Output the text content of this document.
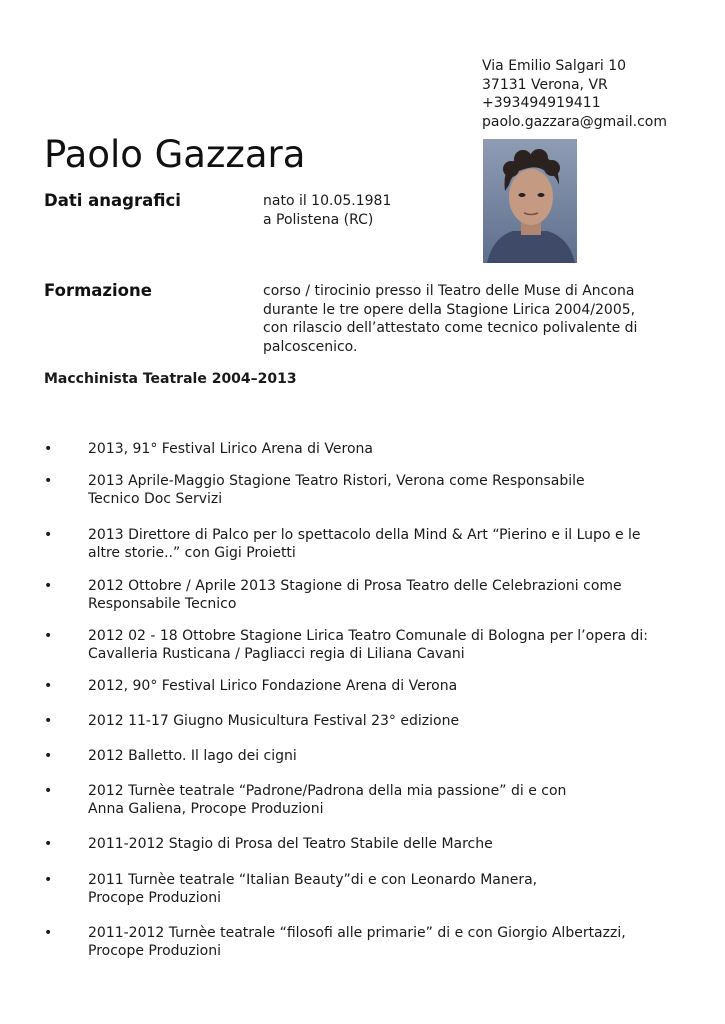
Via Emilio Salgari 10
37131 Verona, VR
+393494919411
paolo.gazzara@gmail.com
Paolo Gazzara
Dati anagrafici	nato il 10.05.1981
a Polistena (RC)
Formazione	corso / tirocinio presso il Teatro delle Muse di Ancona
durante le tre opere della Stagione Lirica 2004/2005,
con rilascio dell’attestato come tecnico polivalente di
palcoscenico.
Macchinista Teatrale 2004–2013
•	2013, 91° Festival Lirico Arena di Verona
•	2013 Aprile-Maggio Stagione Teatro Ristori, Verona come Responsabile
Tecnico Doc Servizi
•	2013 Direttore di Palco per lo spettacolo della Mind & Art “Pierino e il Lupo e le
altre storie..” con Gigi Proietti
•	2012 Ottobre / Aprile 2013 Stagione di Prosa Teatro delle Celebrazioni come
Responsabile Tecnico
•	2012 02 - 18 Ottobre Stagione Lirica Teatro Comunale di Bologna per l’opera di:
Cavalleria Rusticana / Pagliacci regia di Liliana Cavani
•	2012, 90° Festival Lirico Fondazione Arena di Verona
•	2012 11-17 Giugno Musicultura Festival 23° edizione
•	2012 Balletto. Il lago dei cigni
•	2012 Turnèe teatrale “Padrone/Padrona della mia passione” di e con
Anna Galiena, Procope Produzioni
•	2011-2012 Stagio di Prosa del Teatro Stabile delle Marche
•	2011 Turnèe teatrale “Italian Beauty”di e con Leonardo Manera,
Procope Produzioni
•	2011-2012 Turnèe teatrale “filosofi alle primarie” di e con Giorgio Albertazzi,
Procope Produzioni
